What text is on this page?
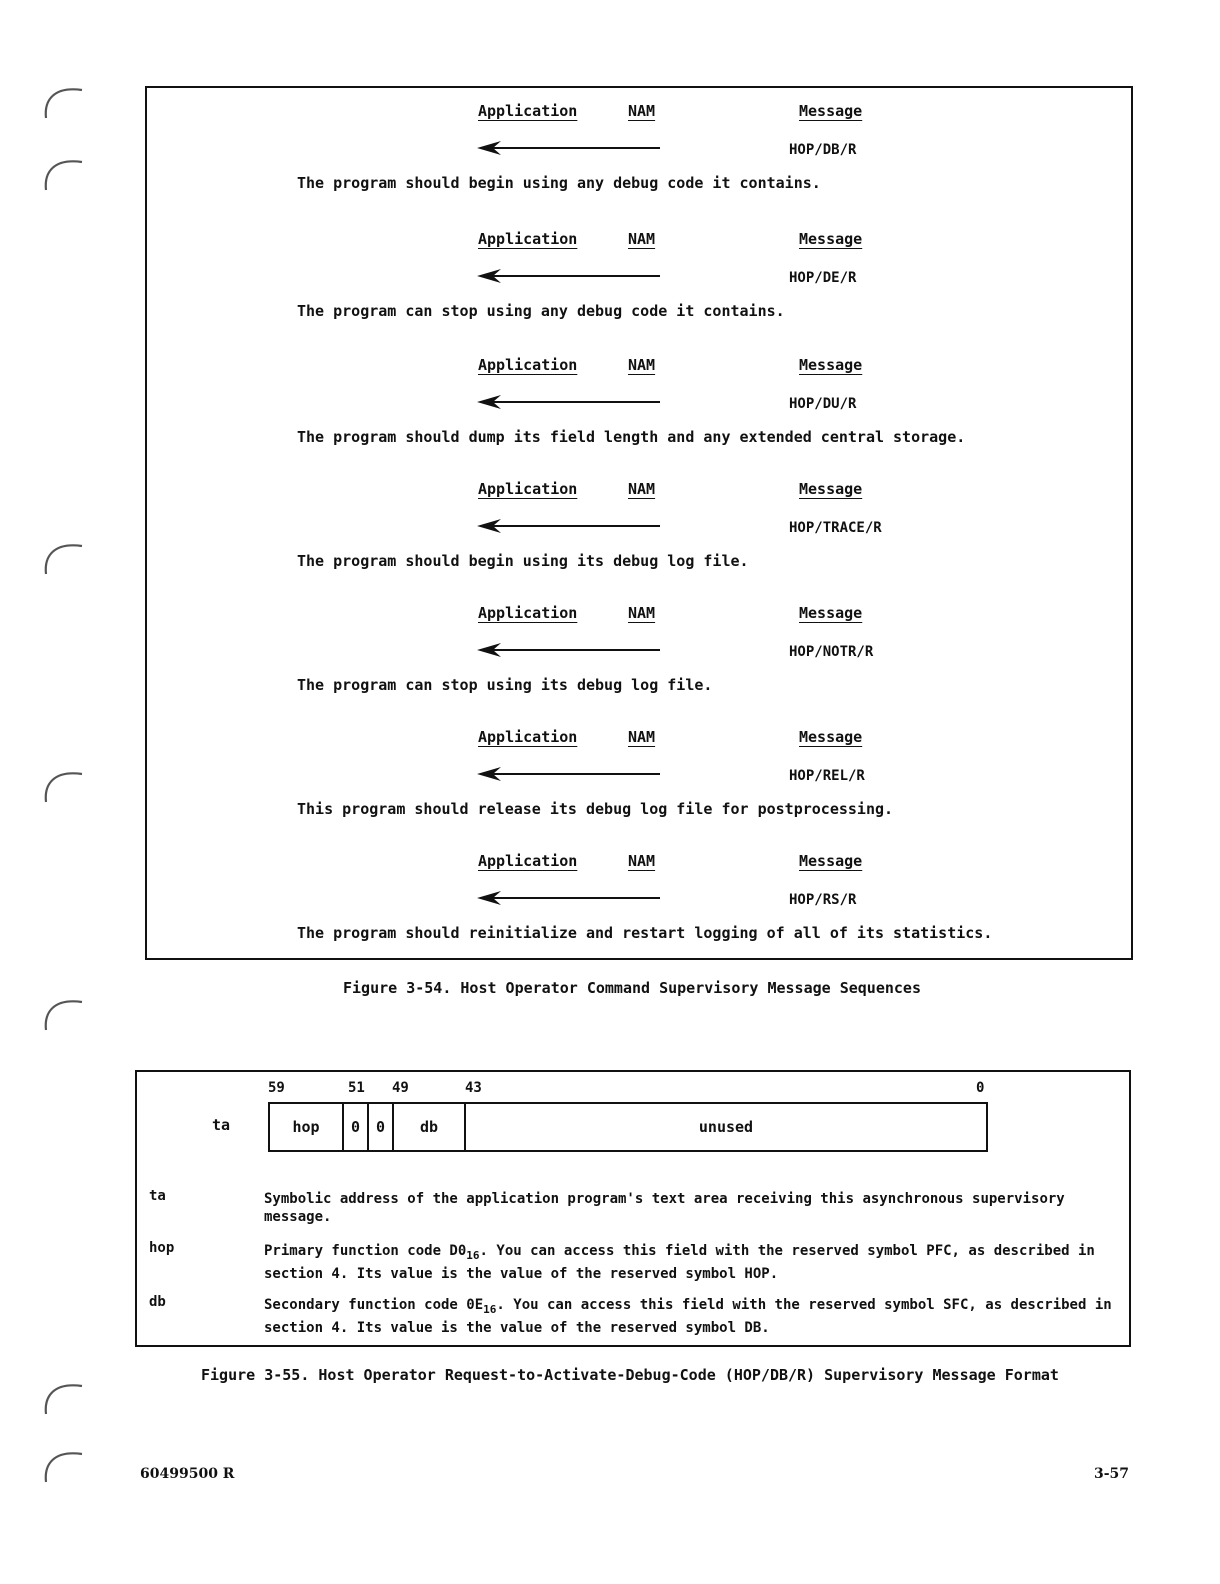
Application	NAM	Message
HOP/DB/R
The program should begin using any debug code it contains.
Application	NAM	Message
HOP/DE/R
The program can stop using any debug code it contains.
Application	NAM	Message
HOP/DU/R
The program should dump its field length and any extended central storage.
Application	NAM	Message
HOP/TRACE/R
The program should begin using its debug log file.
Application	NAM	Message
HOP/NOTR/R
The program can stop using its debug log file.
Application	NAM	Message
HOP/REL/R
This program should release its debug log file for postprocessing.
Application	NAM	Message
HOP/RS/R
The program should reinitialize and restart logging of all of its statistics.
Figure 3-54. Host Operator Command Supervisory Message Sequences
59	51 49	43	0
ta	hop	0	0	db	unused
ta	Symbolic address of the application program's text area receiving this asynchronous supervisory message.
hop	Primary function code $D0_{16}$. You can access this field with the reserved symbol PFC, as described in section 4. Its value is the value of the reserved symbol HOP.
db	Secondary function code $0E_{16}$. You can access this field with the reserved symbol SFC, as described in section 4. Its value is the value of the reserved symbol DB.
Figure 3-55. Host Operator Request-to-Activate-Debug-Code (HOP/DB/R) Supervisory Message Format
60499500 R	3-57
